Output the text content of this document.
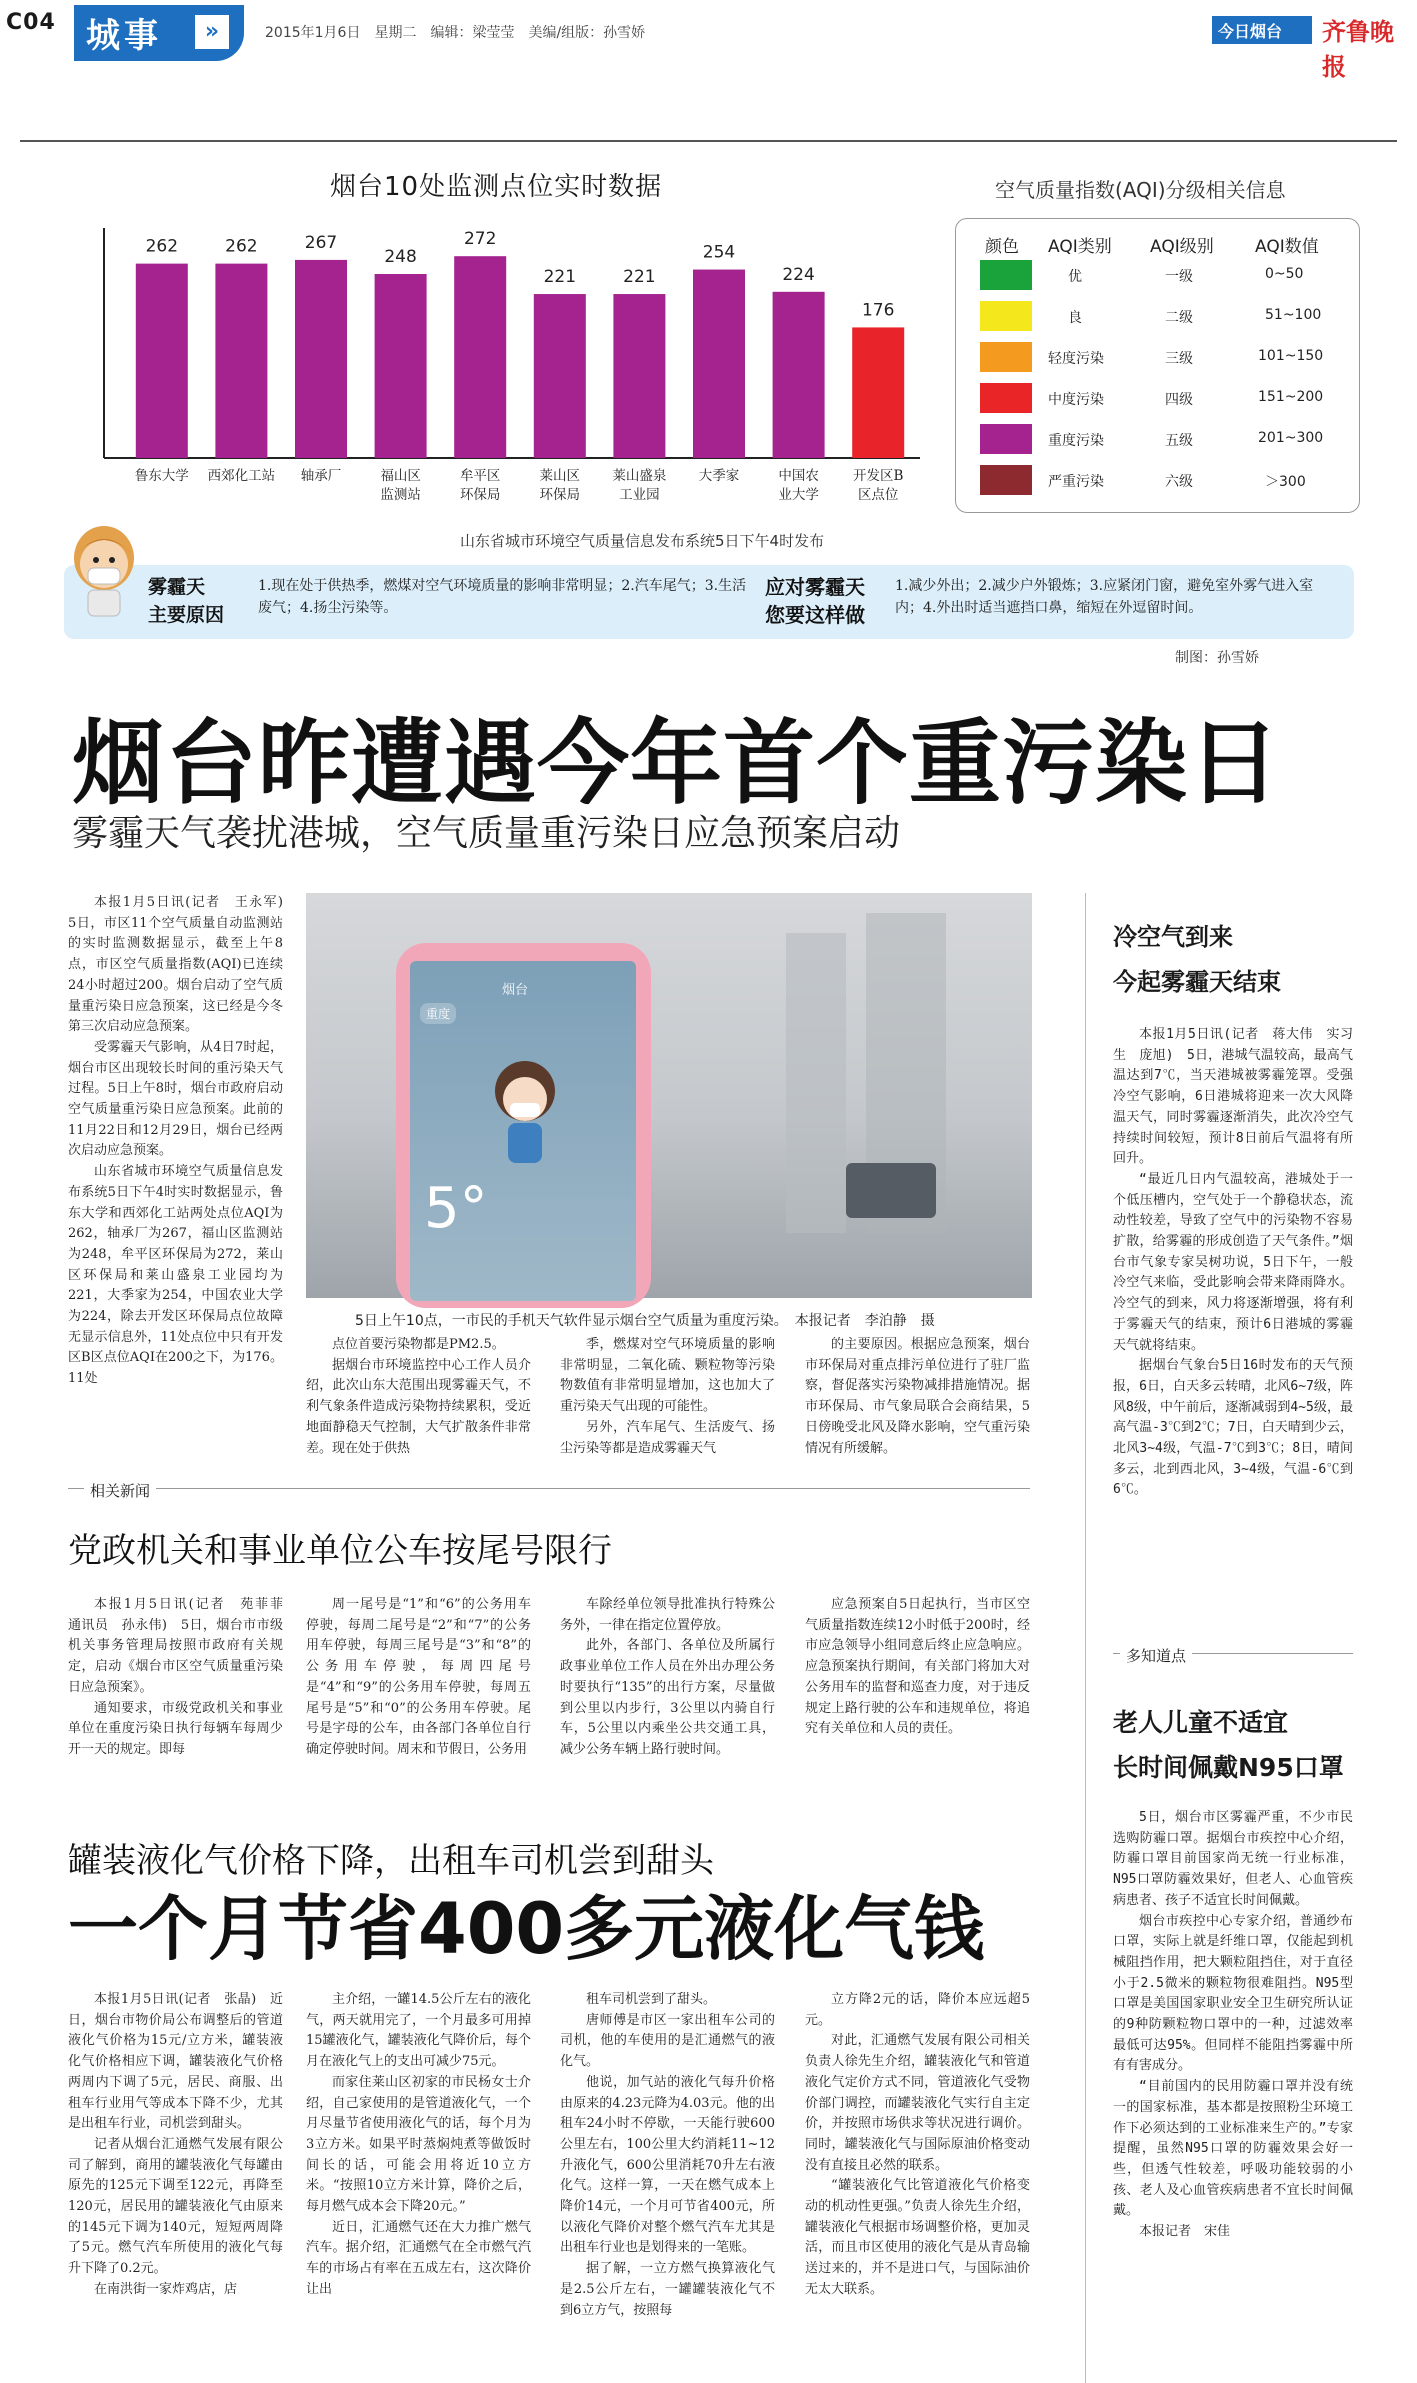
C04 城事	»	2015年1月6日　星期二　编辑：梁莹莹　美编/组版：孙雪娇	今日烟台 齐鲁晚报
烟台10处监测点位实时数据
262
鲁东大学
262
西郊化工站
267
轴承厂
248
福山区
监测站
272
牟平区
环保局
221
莱山区
环保局
221
莱山盛泉
工业园
254
大季家
224
中国农
业大学
176
开发区B
区点位
山东省城市环境空气质量信息发布系统5日下午4时发布
空气质量指数(AQI)分级相关信息
颜色 AQI类别 AQI级别 AQI数值
优	一级	0~50
良	二级	51~100
轻度污染	三级	101~150
中度污染	四级	151~200
重度污染	五级	201~300
严重污染	六级	＞300
雾霾天
主要原因
1.现在处于供热季，燃煤对空气环境质量的影响非常明显；2.汽车尾气；3.生活废气；4.扬尘污染等。
应对雾霾天
您要这样做
1.减少外出；2.减少户外锻炼；3.应紧闭门窗，避免室外雾气进入室内；4.外出时适当遮挡口鼻，缩短在外逗留时间。
制图：孙雪娇
烟台昨遭遇今年首个重污染日
雾霾天气袭扰港城，空气质量重污染日应急预案启动

本报1月5日讯(记者　王永军)　5日，市区11个空气质量自动监测站的实时监测数据显示，截至上午8点，市区空气质量指数(AQI)已连续24小时超过200。烟台启动了空气质量重污染日应急预案，这已经是今冬第三次启动应急预案。

受雾霾天气影响，从4日7时起，烟台市区出现较长时间的重污染天气过程。5日上午8时，烟台市政府启动空气质量重污染日应急预案。此前的11月22日和12月29日，烟台已经两次启动应急预案。

山东省城市环境空气质量信息发布系统5日下午4时实时数据显示，鲁东大学和西郊化工站两处点位AQI为262，轴承厂为267，福山区监测站为248，牟平区环保局为272，莱山区环保局和莱山盛泉工业园均为221，大季家为254，中国农业大学为224，除去开发区环保局点位故障无显示信息外，11处点位中只有开发区B区点位AQI在200之下，为176。11处

烟台
重度
5°
5日上午10点，一市民的手机天气软件显示烟台空气质量为重度污染。　本报记者　李泊静　摄

点位首要污染物都是PM2.5。

据烟台市环境监控中心工作人员介绍，此次山东大范围出现雾霾天气，不利气象条件造成污染物持续累积，受近地面静稳天气控制，大气扩散条件非常差。现在处于供热

季，燃煤对空气环境质量的影响非常明显，二氧化硫、颗粒物等污染物数值有非常明显增加，这也加大了重污染天气出现的可能性。

另外，汽车尾气、生活废气、扬尘污染等都是造成雾霾天气

的主要原因。根据应急预案，烟台市环保局对重点排污单位进行了驻厂监察，督促落实污染物减排措施情况。据市环保局、市气象局联合会商结果，5日傍晚受北风及降水影响，空气重污染情况有所缓解。

冷空气到来
今起雾霾天结束

本报1月5日讯(记者　蒋大伟　实习生　庞旭)　5日，港城气温较高，最高气温达到7℃，当天港城被雾霾笼罩。受强冷空气影响，6日港城将迎来一次大风降温天气，同时雾霾逐渐消失，此次冷空气持续时间较短，预计8日前后气温将有所回升。

“最近几日内气温较高，港城处于一个低压槽内，空气处于一个静稳状态，流动性较差，导致了空气中的污染物不容易扩散，给雾霾的形成创造了天气条件。”烟台市气象专家吴树功说，5日下午，一般冷空气来临，受此影响会带来降雨降水。冷空气的到来，风力将逐渐增强，将有利于雾霾天气的结束，预计6日港城的雾霾天气就将结束。

据烟台气象台5日16时发布的天气预报，6日，白天多云转晴，北风6~7级，阵风8级，中午前后，逐渐减弱到4~5级，最高气温-3℃到2℃；7日，白天晴到少云，北风3~4级，气温-7℃到3℃；8日，晴间多云，北到西北风，3~4级，气温-6℃到6℃。

多知道点
老人儿童不适宜
长时间佩戴N95口罩

5日，烟台市区雾霾严重，不少市民选购防霾口罩。据烟台市疾控中心介绍，防霾口罩目前国家尚无统一行业标准，N95口罩防霾效果好，但老人、心血管疾病患者、孩子不适宜长时间佩戴。

烟台市疾控中心专家介绍，普通纱布口罩，实际上就是纤维口罩，仅能起到机械阻挡作用，把大颗粒阻挡住，对于直径小于2.5微米的颗粒物很难阻挡。N95型口罩是美国国家职业安全卫生研究所认证的9种防颗粒物口罩中的一种，过滤效率最低可达95%。但同样不能阻挡雾霾中所有有害成分。

“目前国内的民用防霾口罩并没有统一的国家标准，基本都是按照粉尘环境工作下必须达到的工业标准来生产的。”专家提醒，虽然N95口罩的防霾效果会好一些，但透气性较差，呼吸功能较弱的小孩、老人及心血管疾病患者不宜长时间佩戴。

本报记者　宋佳

相关新闻
党政机关和事业单位公车按尾号限行

本报1月5日讯(记者　苑菲菲　通讯员　孙永伟)　5日，烟台市市级机关事务管理局按照市政府有关规定，启动《烟台市区空气质量重污染日应急预案》。

通知要求，市级党政机关和事业单位在重度污染日执行每辆车每周少开一天的规定。即每

周一尾号是“1”和“6”的公务用车停驶，每周二尾号是“2”和“7”的公务用车停驶，每周三尾号是“3”和“8”的公务用车停驶，每周四尾号是“4”和“9”的公务用车停驶，每周五尾号是“5”和“0”的公务用车停驶。尾号是字母的公车，由各部门各单位自行确定停驶时间。周末和节假日，公务用

车除经单位领导批准执行特殊公务外，一律在指定位置停放。

此外，各部门、各单位及所属行政事业单位工作人员在外出办理公务时要执行“135”的出行方案，尽量做到公里以内步行，3公里以内骑自行车，5公里以内乘坐公共交通工具，减少公务车辆上路行驶时间。

应急预案自5日起执行，当市区空气质量指数连续12小时低于200时，经市应急领导小组同意后终止应急响应。应急预案执行期间，有关部门将加大对公务用车的监督和巡查力度，对于违反规定上路行驶的公车和违规单位，将追究有关单位和人员的责任。

罐装液化气价格下降，出租车司机尝到甜头
一个月节省400多元液化气钱

本报1月5日讯(记者　张晶)　近日，烟台市物价局公布调整后的管道液化气价格为15元/立方米，罐装液化气价格相应下调，罐装液化气价格两周内下调了5元，居民、商服、出租车行业用气等成本下降不少，尤其是出租车行业，司机尝到甜头。

记者从烟台汇通燃气发展有限公司了解到，商用的罐装液化气每罐由原先的125元下调至122元，再降至120元，居民用的罐装液化气由原来的145元下调为140元，短短两周降了5元。燃气汽车所使用的液化气每升下降了0.2元。

在南洪街一家炸鸡店，店

主介绍，一罐14.5公斤左右的液化气，两天就用完了，一个月最多可用掉15罐液化气，罐装液化气降价后，每个月在液化气上的支出可减少75元。

而家住莱山区初家的市民杨女士介绍，自己家使用的是管道液化气，一个月尽量节省使用液化气的话，每个月为3立方米。如果平时蒸焖炖煮等做饭时间长的话，可能会用将近10立方米。“按照10立方米计算，降价之后，每月燃气成本会下降20元。”

近日，汇通燃气还在大力推广燃气汽车。据介绍，汇通燃气在全市燃气汽车的市场占有率在五成左右，这次降价让出

租车司机尝到了甜头。

唐师傅是市区一家出租车公司的司机，他的车使用的是汇通燃气的液化气。

他说，加气站的液化气每升价格由原来的4.23元降为4.03元。他的出租车24小时不停歇，一天能行驶600公里左右，100公里大约消耗11~12升液化气，600公里消耗70升左右液化气。这样一算，一天在燃气成本上降价14元，一个月可节省400元，所以液化气降价对整个燃气汽车尤其是出租车行业也是划得来的一笔账。

据了解，一立方燃气换算液化气是2.5公斤左右，一罐罐装液化气不到6立方气，按照每

立方降2元的话，降价本应远超5元。

对此，汇通燃气发展有限公司相关负责人徐先生介绍，罐装液化气和管道液化气定价方式不同，管道液化气受物价部门调控，而罐装液化气实行自主定价，并按照市场供求等状况进行调价。同时，罐装液化气与国际原油价格变动没有直接且必然的联系。

“罐装液化气比管道液化气价格变动的机动性更强。”负责人徐先生介绍，罐装液化气根据市场调整价格，更加灵活，而且市区使用的液化气是从青岛输送过来的，并不是进口气，与国际油价无太大联系。
